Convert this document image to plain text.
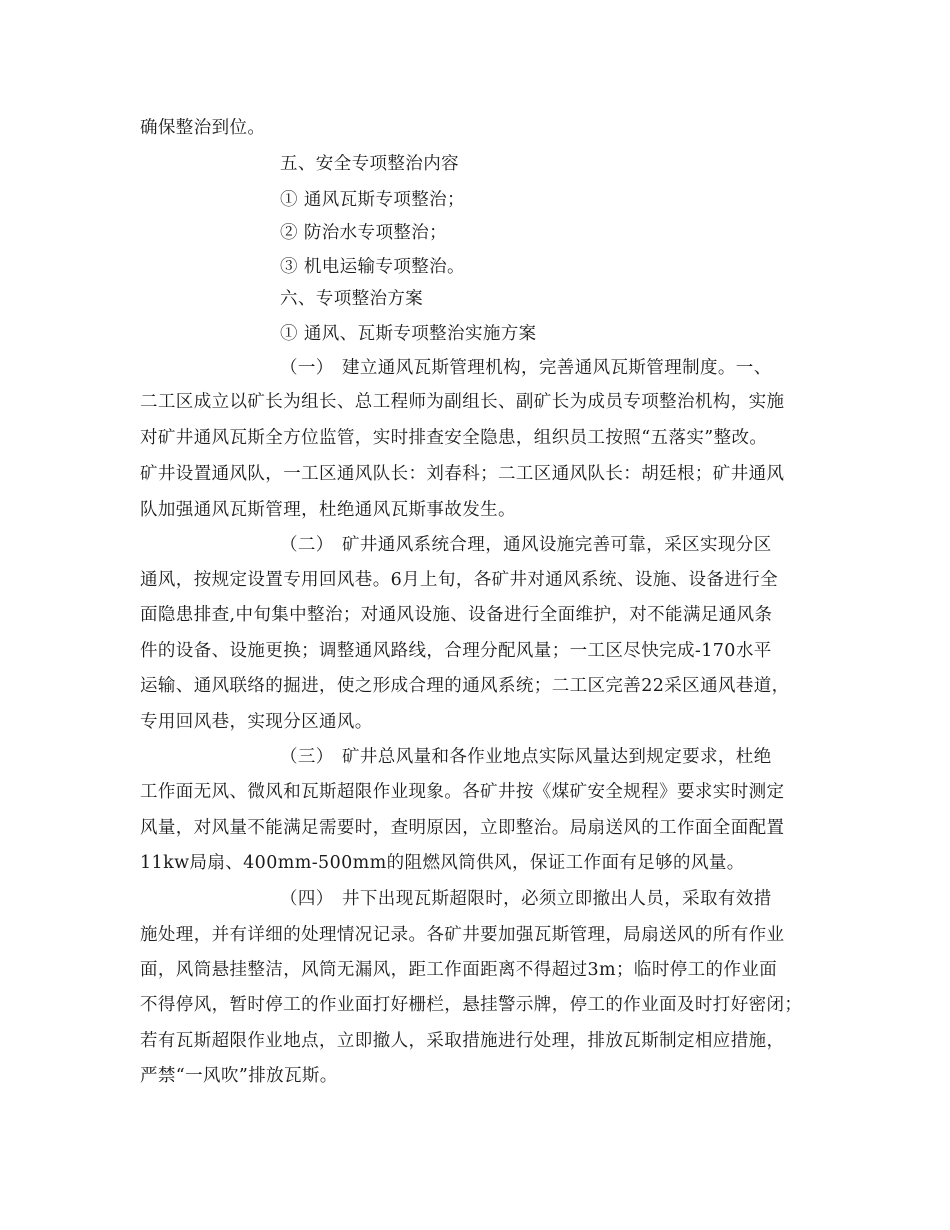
确保整治到位。
五、安全专项整治内容
① 通风瓦斯专项整治；
② 防治水专项整治；
③ 机电运输专项整治。
六、专项整治方案
① 通风、瓦斯专项整治实施方案
（一） 建立通风瓦斯管理机构，完善通风瓦斯管理制度。一、
二工区成立以矿长为组长、总工程师为副组长、副矿长为成员专项整治机构，实施
对矿井通风瓦斯全方位监管，实时排查安全隐患，组织员工按照“五落实”整改。
矿井设置通风队，一工区通风队长：刘春科；二工区通风队长：胡廷根；矿井通风
队加强通风瓦斯管理，杜绝通风瓦斯事故发生。
（二） 矿井通风系统合理，通风设施完善可靠，采区实现分区
通风，按规定设置专用回风巷。6月上旬，各矿井对通风系统、设施、设备进行全
面隐患排查,中旬集中整治；对通风设施、设备进行全面维护，对不能满足通风条
件的设备、设施更换；调整通风路线，合理分配风量；一工区尽快完成-170水平
运输、通风联络的掘进，使之形成合理的通风系统；二工区完善22采区通风巷道，
专用回风巷，实现分区通风。
（三） 矿井总风量和各作业地点实际风量达到规定要求，杜绝
工作面无风、微风和瓦斯超限作业现象。各矿井按《煤矿安全规程》要求实时测定
风量，对风量不能满足需要时，查明原因，立即整治。局扇送风的工作面全面配置
11kw局扇、400mm-500mm的阻燃风筒供风，保证工作面有足够的风量。
（四） 井下出现瓦斯超限时，必须立即撤出人员，采取有效措
施处理，并有详细的处理情况记录。各矿井要加强瓦斯管理，局扇送风的所有作业
面，风筒悬挂整洁，风筒无漏风，距工作面距离不得超过3m；临时停工的作业面
不得停风，暂时停工的作业面打好栅栏，悬挂警示牌，停工的作业面及时打好密闭；
若有瓦斯超限作业地点，立即撤人，采取措施进行处理，排放瓦斯制定相应措施，
严禁“一风吹”排放瓦斯。
